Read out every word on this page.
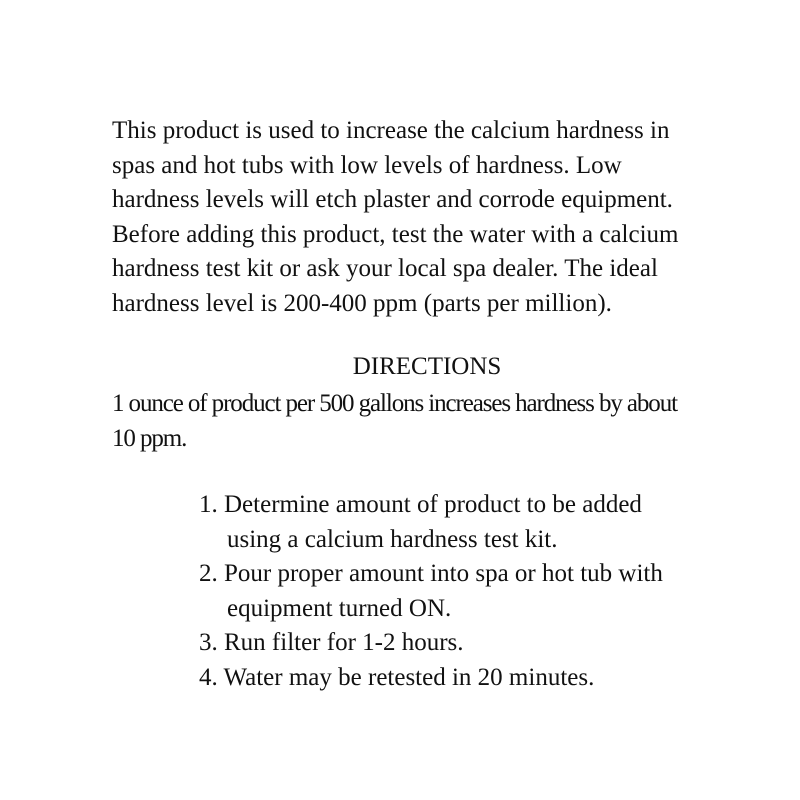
This product is used to increase the calcium hardness in
spas and hot tubs with low levels of hardness. Low
hardness levels will etch plaster and corrode equipment.
Before adding this product, test the water with a calcium
hardness test kit or ask your local spa dealer. The ideal
hardness level is 200-400 ppm (parts per million).
DIRECTIONS
1 ounce of product per 500 gallons increases hardness by about
10 ppm.
1. Determine amount of product to be added
using a calcium hardness test kit.
2. Pour proper amount into spa or hot tub with
equipment turned ON.
3. Run filter for 1-2 hours.
4. Water may be retested in 20 minutes.
